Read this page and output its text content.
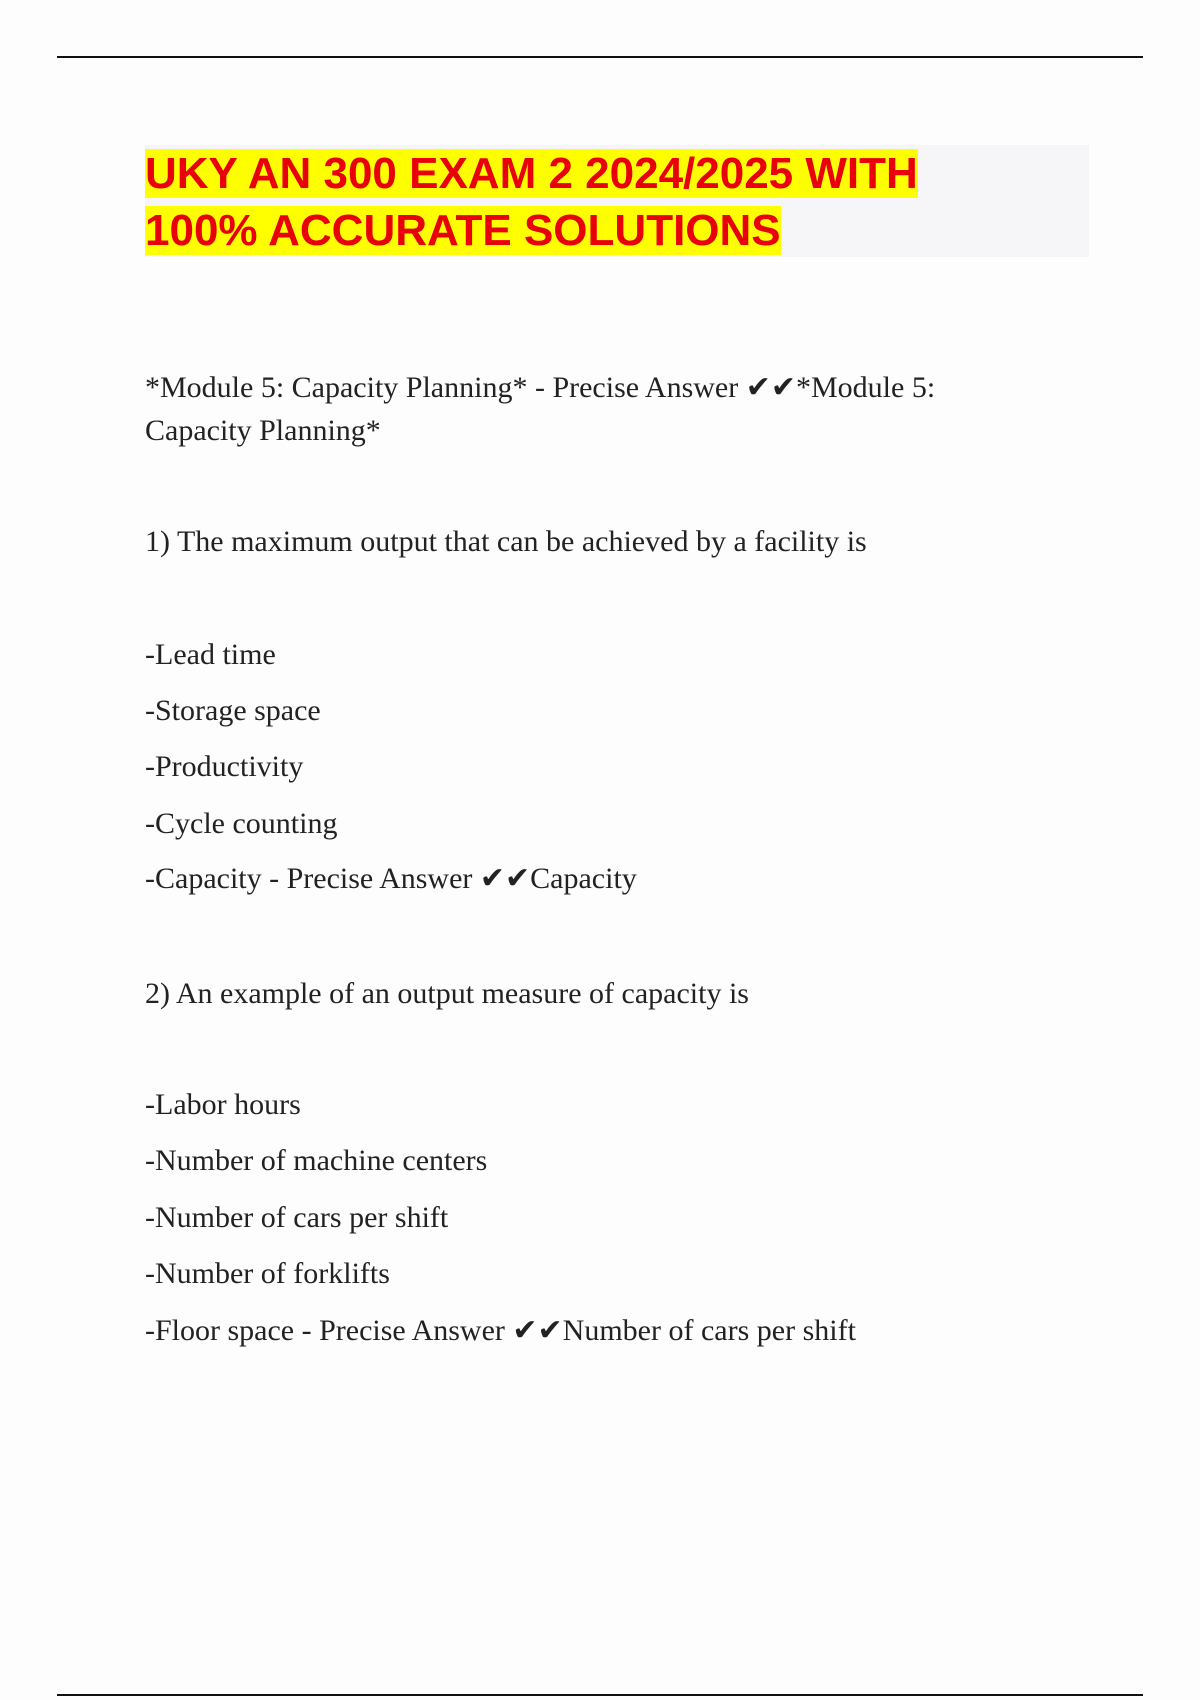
UKY AN 300 EXAM 2 2024/2025 WITH
100% ACCURATE SOLUTIONS

*Module 5: Capacity Planning* - Precise Answer ✔✔*Module 5:

Capacity Planning*

1) The maximum output that can be achieved by a facility is

-Lead time

-Storage space

-Productivity

-Cycle counting

-Capacity - Precise Answer ✔✔Capacity

2) An example of an output measure of capacity is

-Labor hours

-Number of machine centers

-Number of cars per shift

-Number of forklifts

-Floor space - Precise Answer ✔✔Number of cars per shift
